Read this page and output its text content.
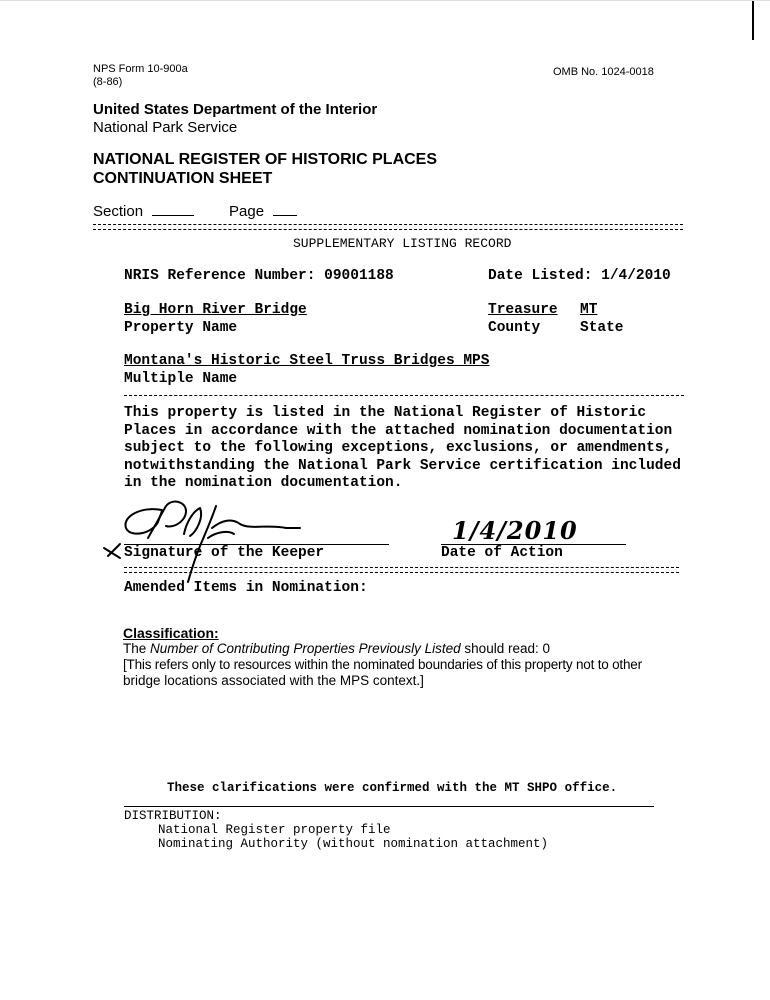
NPS Form 10-900a
(8-86)
OMB No. 1024-0018
United States Department of the Interior
National Park Service
NATIONAL REGISTER OF HISTORIC PLACES
CONTINUATION SHEET
Section	Page
SUPPLEMENTARY LISTING RECORD
NRIS Reference Number: 09001188	Date Listed: 1/4/2010
Big Horn River Bridge
Property Name
Treasure
County
MT
State
Montana's Historic Steel Truss Bridges MPS
Multiple Name
This property is listed in the National Register of Historic
Places in accordance with the attached nomination documentation
subject to the following exceptions, exclusions, or amendments,
notwithstanding the National Park Service certification included
in the nomination documentation.
Signature of the Keeper
1/4/2010
Date of Action
Amended Items in Nomination:
Classification:
The Number of Contributing Properties Previously Listed should read: 0
[This refers only to resources within the nominated boundaries of this property not to other
bridge locations associated with the MPS context.]
These clarifications were confirmed with the MT SHPO office.
DISTRIBUTION:
National Register property file
Nominating Authority (without nomination attachment)
